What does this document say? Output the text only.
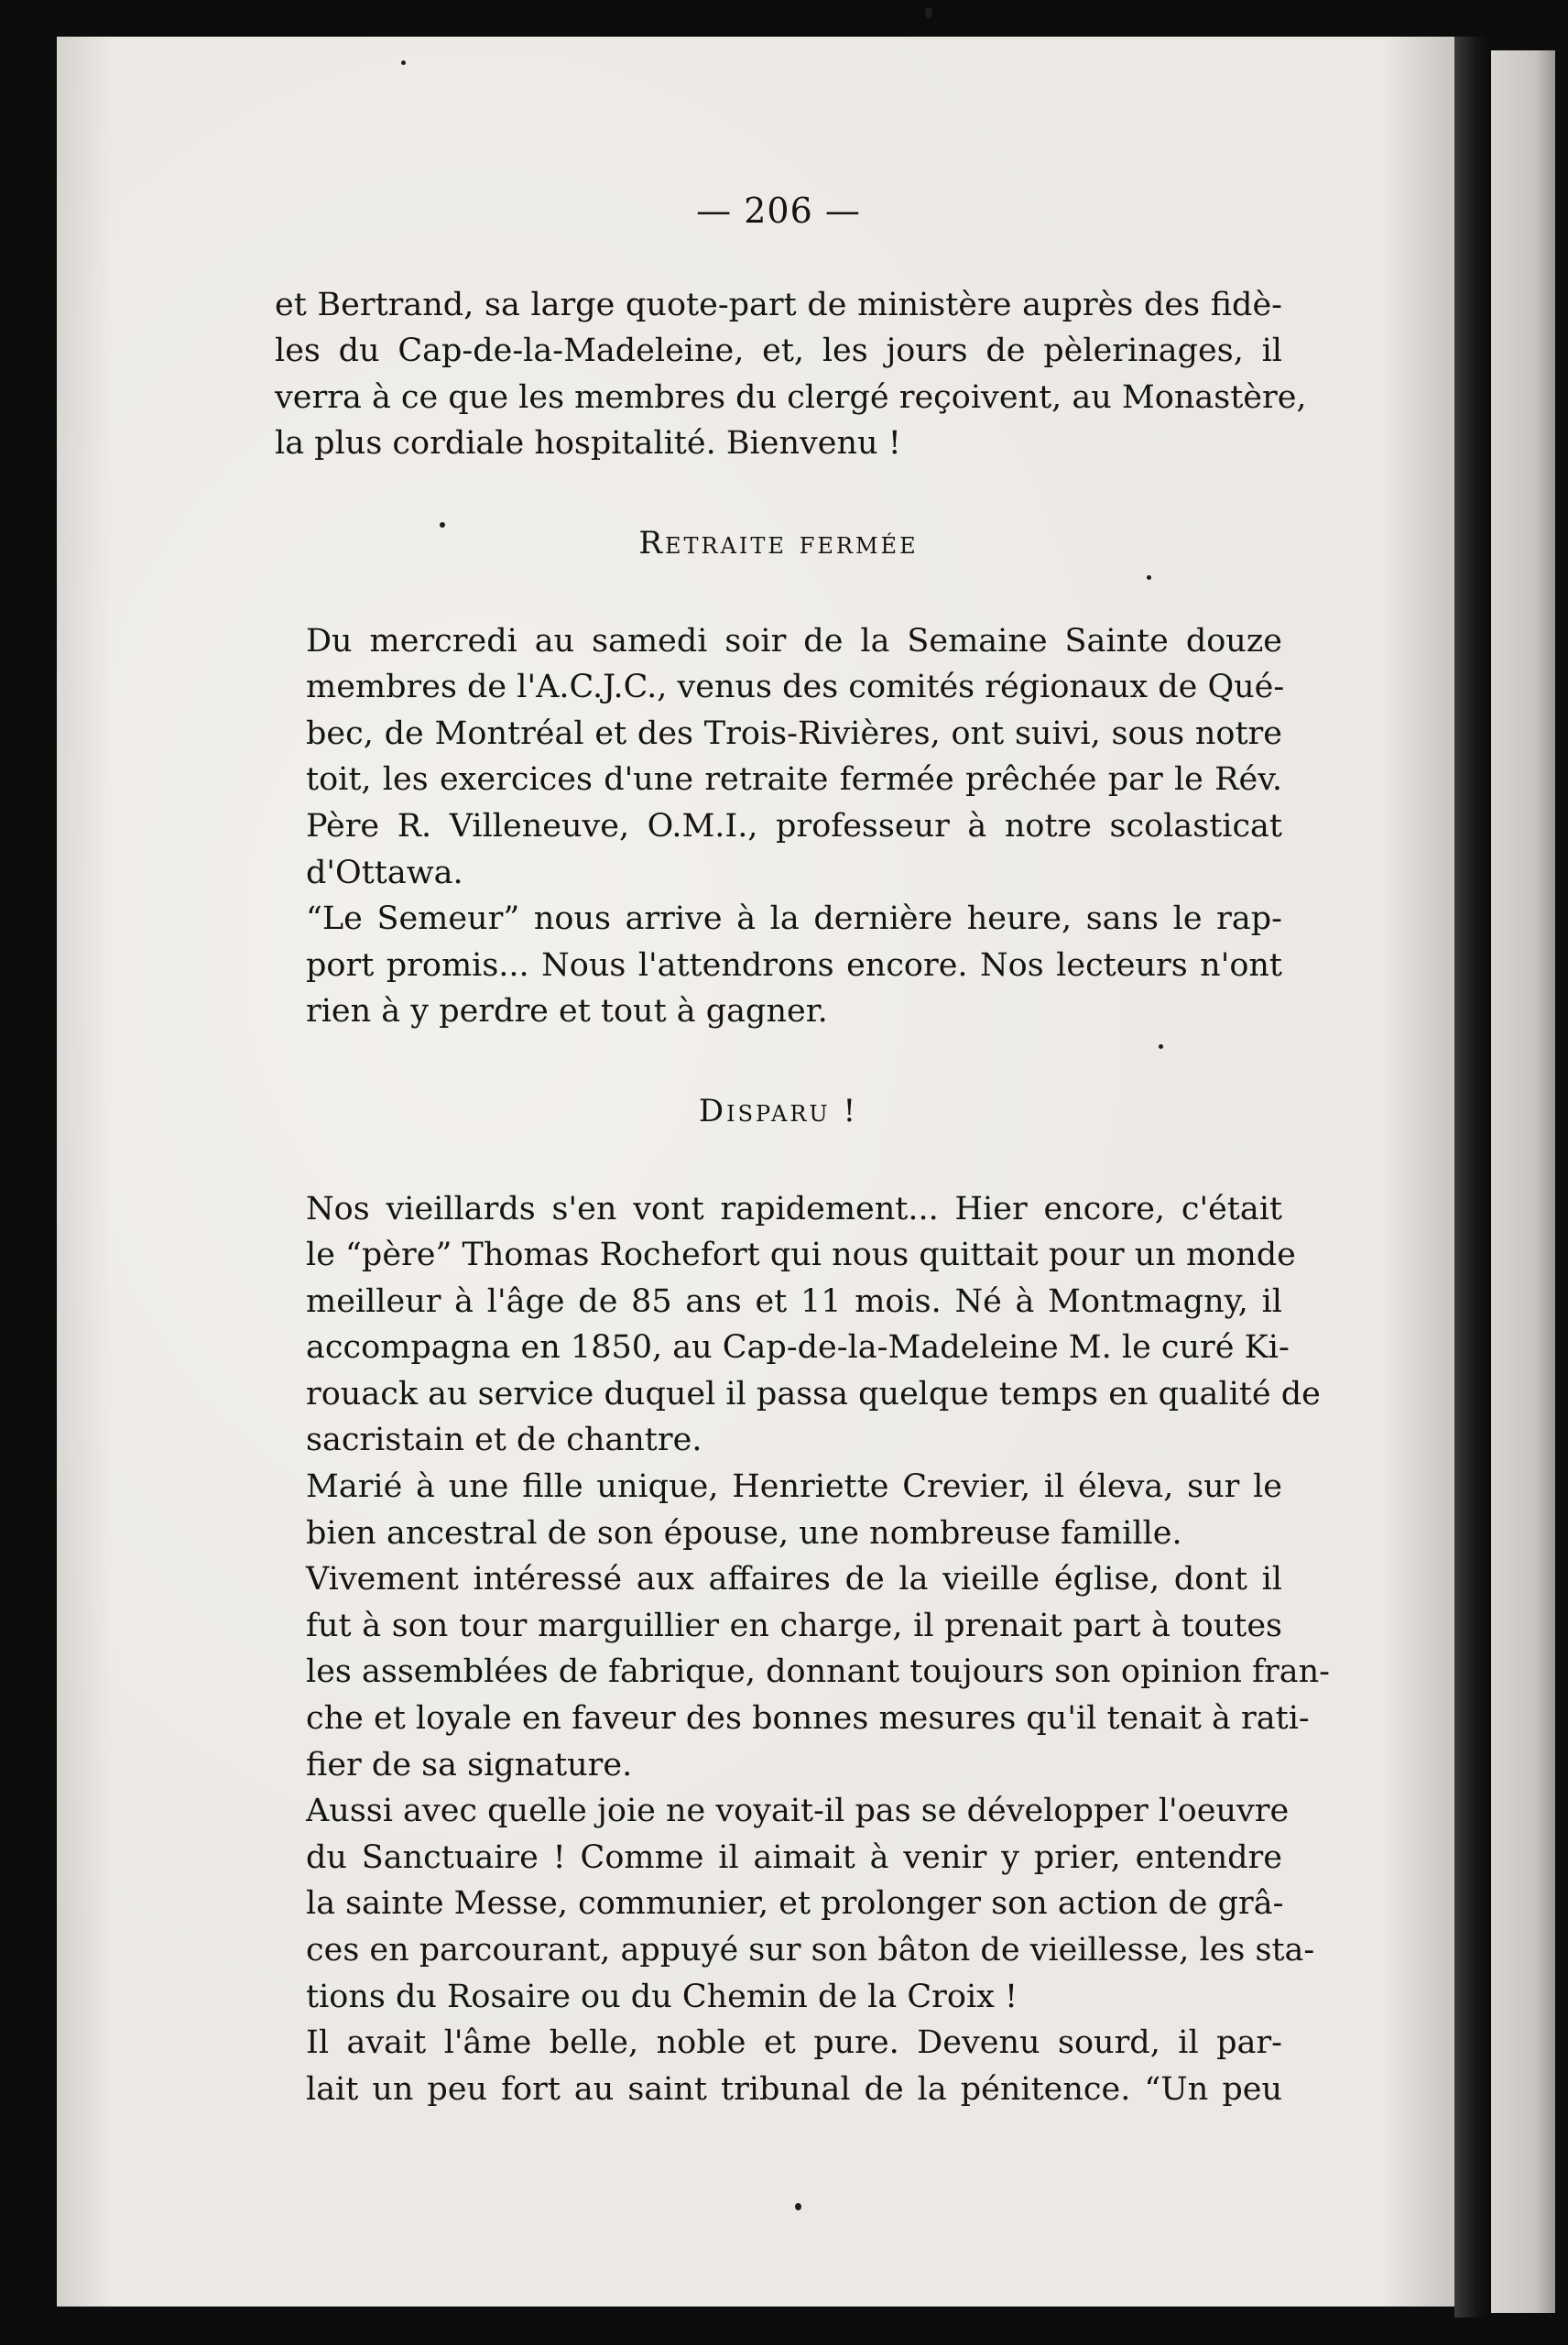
— 206 —

et Bertrand, sa large quote-part de ministère auprès des fidè-
les du Cap-de-la-Madeleine, et, les jours de pèlerinages, il
verra à ce que les membres du clergé reçoivent, au Monastère,
la plus cordiale hospitalité. Bienvenu !

Retraite fermée

Du mercredi au samedi soir de la Semaine Sainte douze
membres de l'A.C.J.C., venus des comités régionaux de Qué-
bec, de Montréal et des Trois-Rivières, ont suivi, sous notre
toit, les exercices d'une retraite fermée prêchée par le Rév.
Père R. Villeneuve, O.M.I., professeur à notre scolasticat
d'Ottawa.

“Le Semeur” nous arrive à la dernière heure, sans le rap-
port promis... Nous l'attendrons encore. Nos lecteurs n'ont
rien à y perdre et tout à gagner.

Disparu !

Nos vieillards s'en vont rapidement... Hier encore, c'était
le “père” Thomas Rochefort qui nous quittait pour un monde
meilleur à l'âge de 85 ans et 11 mois. Né à Montmagny, il
accompagna en 1850, au Cap-de-la-Madeleine M. le curé Ki-
rouack au service duquel il passa quelque temps en qualité de
sacristain et de chantre.

Marié à une fille unique, Henriette Crevier, il éleva, sur le
bien ancestral de son épouse, une nombreuse famille.

Vivement intéressé aux affaires de la vieille église, dont il
fut à son tour marguillier en charge, il prenait part à toutes
les assemblées de fabrique, donnant toujours son opinion fran-
che et loyale en faveur des bonnes mesures qu'il tenait à rati-
fier de sa signature.

Aussi avec quelle joie ne voyait-il pas se développer l'oeuvre
du Sanctuaire ! Comme il aimait à venir y prier, entendre
la sainte Messe, communier, et prolonger son action de grâ-
ces en parcourant, appuyé sur son bâton de vieillesse, les sta-
tions du Rosaire ou du Chemin de la Croix !

Il avait l'âme belle, noble et pure. Devenu sourd, il par-
lait un peu fort au saint tribunal de la pénitence. “Un peu
